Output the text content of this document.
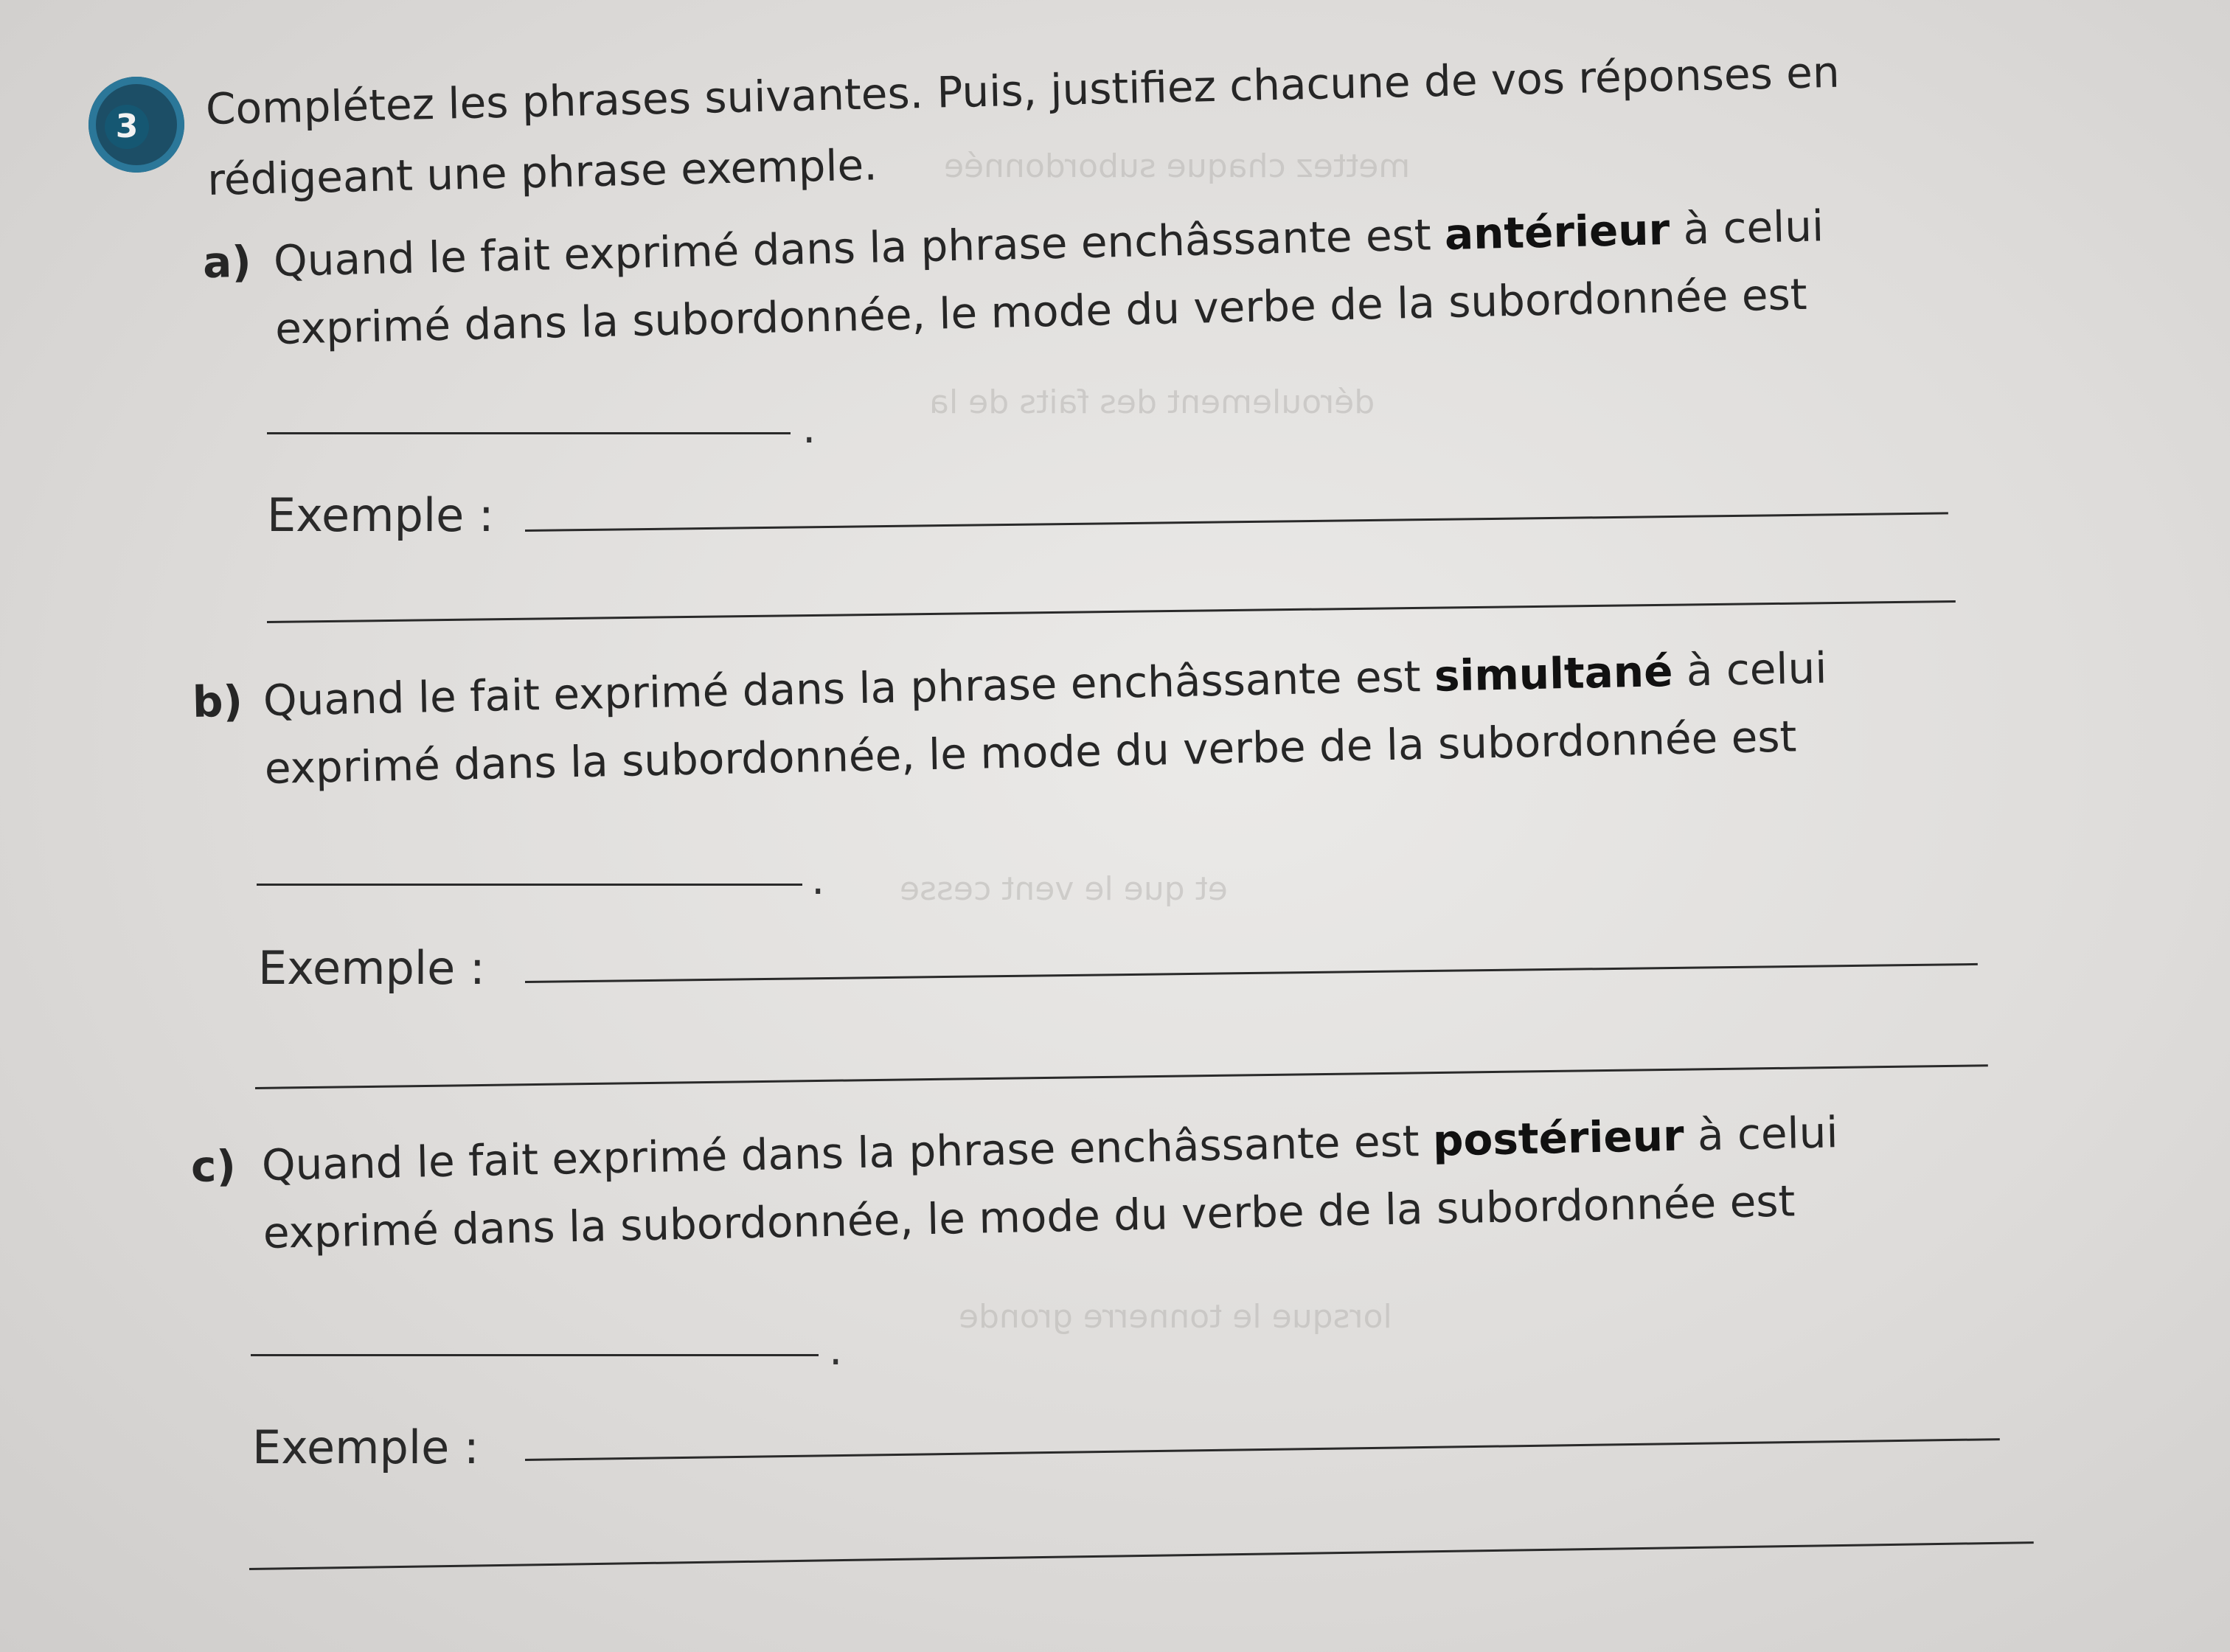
mettez chaque subordonnée
déroulement des faits de la
et que le vent cesse
lorsque le tonnerre gronde
3 Complétez les phrases suivantes. Puis, justifiez chacune de vos réponses en rédigeant une phrase exemple.
a) Quand le fait exprimé dans la phrase enchâssante est antérieur à celui exprimé dans la subordonnée, le mode du verbe de la subordonnée est
.
Exemple :
b) Quand le fait exprimé dans la phrase enchâssante est simultané à celui exprimé dans la subordonnée, le mode du verbe de la subordonnée est
.
Exemple :
c) Quand le fait exprimé dans la phrase enchâssante est postérieur à celui exprimé dans la subordonnée, le mode du verbe de la subordonnée est
.
Exemple :
